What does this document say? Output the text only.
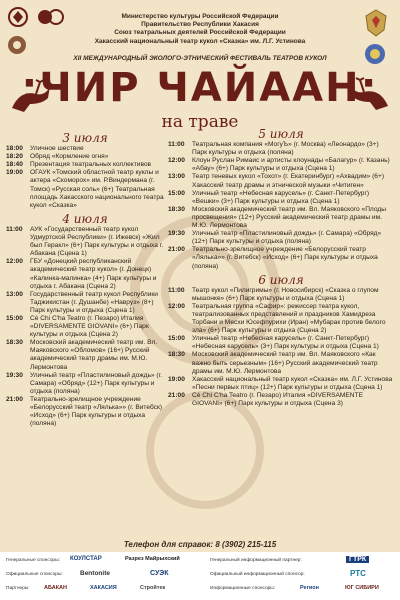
Министерство культуры Российской Федерации
Правительство Республики Хакасия
Союз театральных деятелей Российской Федерации
Хакасский национальный театр кукол «Сказка» им. Л.Г. Устинова
XII МЕЖДУНАРОДНЫЙ ЭКОЛОГО-ЭТНИЧЕСКИЙ ФЕСТИВАЛЬ ТЕАТРОВ КУКОЛ
:ЧИР ЧАЙААН:
на траве
3 июля
18:00	Уличное шествие
18:20	Обряд «Кормление огня»
18:40	Презентация театральных коллективов
19:00	ОГАУК «Томский областной театр куклы и актера «Скоморох» им. Р.Виндермана (г. Томск) «Русская соль» (6+) Театральная площадь Хакасского национального театра кукол «Сказка»
4 июля
11:00	АУК «Государственный театр кукол Удмуртской Республики» (г. Ижевск) «Жил был Геракл» (6+) Парк культуры и отдыха г. Абакана (Сцена 1)
12:00	ГБУ «Донецкий республиканский академический театр кукол» (г. Донецк) «Калинка-малинка» (4+) Парк культуры и отдыха г. Абакана (Сцена 2)
13:00	Государственный театр кукол Республики Таджикистан (г. Душанбе) «Навруз» (8+) Парк культуры и отдыха (Сцена 1)
15:00	Cè Chi C'ha Teatro (г. Пезаро) Италия «DIVERSAMENTE GIOVANI» (6+) Парк культуры и отдыха (Сцена 2)
18:30	Московский академический театр им. Вл. Маяковского «Обломов» (16+) Русский академический театр драмы им. М.Ю. Лермонтова
19:30	Уличный театр «Пластилиновый дождь» (г. Самара) «Обряд» (12+) Парк культуры и отдыха (поляна)
21:00	Театрально-зрелищное учреждение «Белорусский театр «Лялька»» (г. Витебск) «Исход» (6+) Парк культуры и отдыха (поляна)
5 июля
11:00	Театральная компания «МогуЪ» (г. Москва) «Леонардо» (3+) Парк культуры и отдыха (поляна)
12:00	Клоун Руслан Римаис и артисты клоунады «Балагур» (г. Казань) «Абау» (6+) Парк культуры и отдыха (Сцена 1)
13:00	Театр теневых кукол «Тохот» (г. Екатеринбург) «Ахвадим» (6+) Хакасский театр драмы и этнической музыки «Читиген»
15:00	Уличный театр «Небесная карусель» (г. Санкт-Петербург) «Вешки» (3+) Парк культуры и отдыха (Сцена 1)
18:30	Московский академический театр им. Вл. Маяковского «Плоды просвещения» (12+) Русский академический театр драмы им. М.Ю. Лермонтова
19:30	Уличный театр «Пластилиновый дождь» (г. Самара) «Обряд» (12+) Парк культуры и отдыха (поляна)
21:00	Театрально-зрелищное учреждение «Белорусский театр «Лялька»» (г. Витебск) «Исход» (6+) Парк культуры и отдыха (поляна)
6 июля
11:00	Театр кукол «Пилигримы» (г. Новосибирск) «Сказка о глупом мышонке» (6+) Парк культуры и отдыха (Сцена 1)
12:00	Театральная группа «Сафир»: режиссер театра кукол, театрализованных представлений и праздников Хамидреза Торбани и Месхи Юсефпурихи (Иран) «Мубарак против белого зла» (6+) Парк культуры и отдыха (Сцена 2)
15:00	Уличный театр «Небесная карусель» (г. Санкт-Петербург) «Небесная карусель» (3+) Парк культуры и отдыха (Сцена 1)
18:30	Московский академический театр им. Вл. Маяковского «Как важно быть серьезным» (16+) Русский академический театр драмы им. М.Ю. Лермонтова
19:00	Хакасский национальный театр кукол «Сказка» им. Л.Г. Устинова «Песни первых птиц» (12+) Парк культуры и отдыха (Сцена 1)
21:00	Cè Chi C'ha Teatro (г. Пезаро) Италия «DIVERSAMENTE GIOVANI» (6+) Парк культуры и отдыха (Сцена 3)
Телефон для справок: 8 (3902) 215-115
Генеральные спонсоры: КОУЛСТАР	Разрез Майрыхский
Официальные спонсоры:	Bentonite	СУЭК
Партнеры:	АБАКАН	ХАКАСИЯ	Стройтек
Генеральный информационный партнер:	ГТРК
Официальный информационный спонсор:	РТС
Информационные спонсоры:	Регион	ЮГ СИБИРИ
